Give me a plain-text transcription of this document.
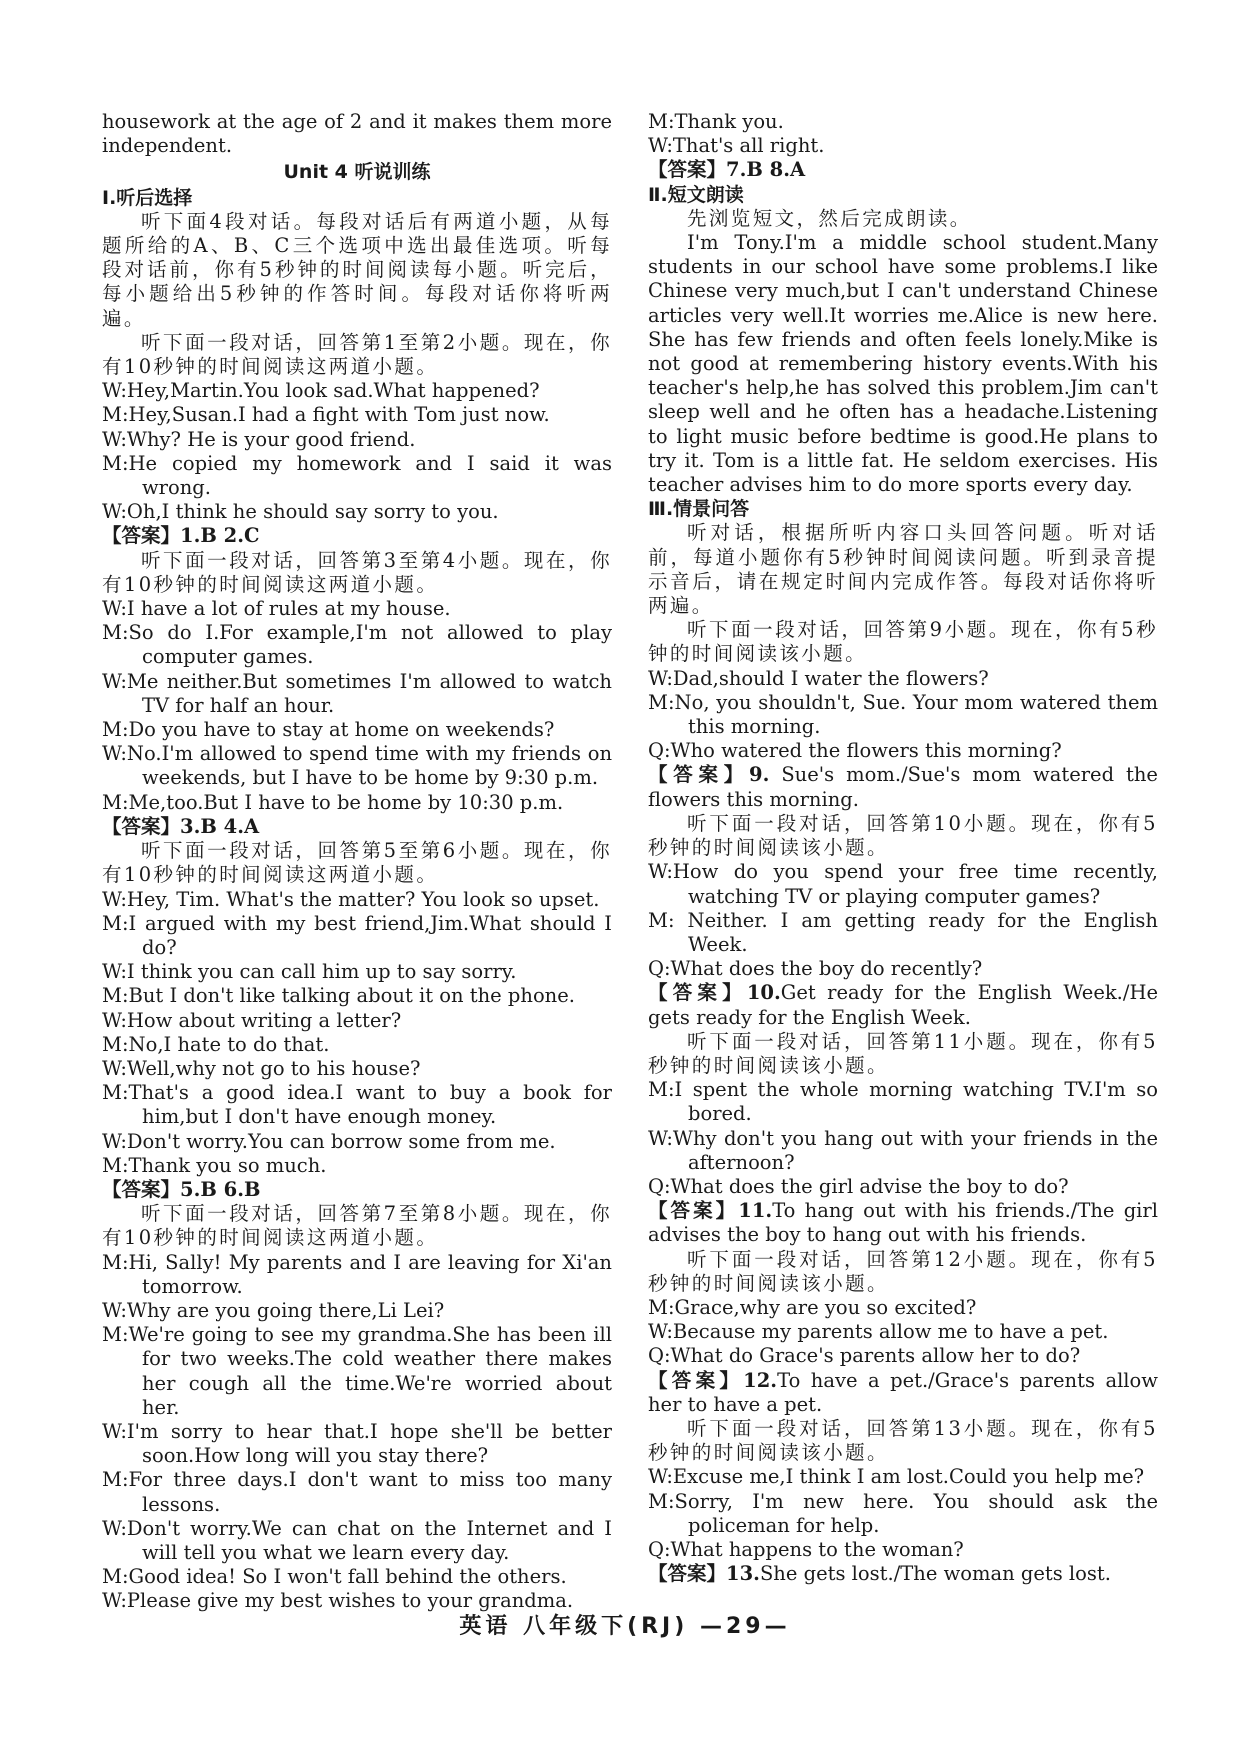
housework at the age of 2 and it makes them more independent.

Unit 4 听说训练

Ⅰ.听后选择

听下面4段对话。每段对话后有两道小题，从每题所给的A、B、C三个选项中选出最佳选项。听每段对话前，你有5秒钟的时间阅读每小题。听完后，每小题给出5秒钟的作答时间。每段对话你将听两遍。

听下面一段对话，回答第1至第2小题。现在，你有10秒钟的时间阅读这两道小题。

W:Hey,Martin.You look sad.What happened?

M:Hey,Susan.I had a fight with Tom just now.

W:Why? He is your good friend.

M:He copied my homework and I said it was wrong.

W:Oh,I think he should say sorry to you.

【答案】1.B 2.C

听下面一段对话，回答第3至第4小题。现在，你有10秒钟的时间阅读这两道小题。

W:I have a lot of rules at my house.

M:So do I.For example,I'm not allowed to play computer games.

W:Me neither.But sometimes I'm allowed to watch TV for half an hour.

M:Do you have to stay at home on weekends?

W:No.I'm allowed to spend time with my friends on weekends, but I have to be home by 9:30 p.m.

M:Me,too.But I have to be home by 10:30 p.m.

【答案】3.B 4.A

听下面一段对话，回答第5至第6小题。现在，你有10秒钟的时间阅读这两道小题。

W:Hey, Tim. What's the matter? You look so upset.

M:I argued with my best friend,Jim.What should I do?

W:I think you can call him up to say sorry.

M:But I don't like talking about it on the phone.

W:How about writing a letter?

M:No,I hate to do that.

W:Well,why not go to his house?

M:That's a good idea.I want to buy a book for him,but I don't have enough money.

W:Don't worry.You can borrow some from me.

M:Thank you so much.

【答案】5.B 6.B

听下面一段对话，回答第7至第8小题。现在，你有10秒钟的时间阅读这两道小题。

M:Hi, Sally! My parents and I are leaving for Xi'an tomorrow.

W:Why are you going there,Li Lei?

M:We're going to see my grandma.She has been ill for two weeks.The cold weather there makes her cough all the time.We're worried about her.

W:I'm sorry to hear that.I hope she'll be better soon.How long will you stay there?

M:For three days.I don't want to miss too many lessons.

W:Don't worry.We can chat on the Internet and I will tell you what we learn every day.

M:Good idea! So I won't fall behind the others.

W:Please give my best wishes to your grandma.

M:Thank you.

W:That's all right.

【答案】7.B 8.A

Ⅱ.短文朗读

先浏览短文，然后完成朗读。

I'm Tony.I'm a middle school student.Many students in our school have some problems.I like Chinese very much,but I can't understand Chinese articles very well.It worries me.Alice is new here. She has few friends and often feels lonely.Mike is not good at remembering history events.With his teacher's help,he has solved this problem.Jim can't sleep well and he often has a headache.Listening to light music before bedtime is good.He plans to try it. Tom is a little fat. He seldom exercises. His teacher advises him to do more sports every day.

Ⅲ.情景问答

听对话，根据所听内容口头回答问题。听对话前，每道小题你有5秒钟时间阅读问题。听到录音提示音后，请在规定时间内完成作答。每段对话你将听两遍。

听下面一段对话，回答第9小题。现在，你有5秒钟的时间阅读该小题。

W:Dad,should I water the flowers?

M:No, you shouldn't, Sue. Your mom watered them this morning.

Q:Who watered the flowers this morning?

【答案】9. Sue's mom./Sue's mom watered the flowers this morning.

听下面一段对话，回答第10小题。现在，你有5秒钟的时间阅读该小题。

W:How do you spend your free time recently, watching TV or playing computer games?

M: Neither. I am getting ready for the English Week.

Q:What does the boy do recently?

【答案】10.Get ready for the English Week./He gets ready for the English Week.

听下面一段对话，回答第11小题。现在，你有5秒钟的时间阅读该小题。

M:I spent the whole morning watching TV.I'm so bored.

W:Why don't you hang out with your friends in the afternoon?

Q:What does the girl advise the boy to do?

【答案】11.To hang out with his friends./The girl advises the boy to hang out with his friends.

听下面一段对话，回答第12小题。现在，你有5秒钟的时间阅读该小题。

M:Grace,why are you so excited?

W:Because my parents allow me to have a pet.

Q:What do Grace's parents allow her to do?

【答案】12.To have a pet./Grace's parents allow her to have a pet.

听下面一段对话，回答第13小题。现在，你有5秒钟的时间阅读该小题。

W:Excuse me,I think I am lost.Could you help me?

M:Sorry, I'm new here. You should ask the policeman for help.

Q:What happens to the woman?

【答案】13.She gets lost./The woman gets lost.

英语 八年级下(RJ) —29—
